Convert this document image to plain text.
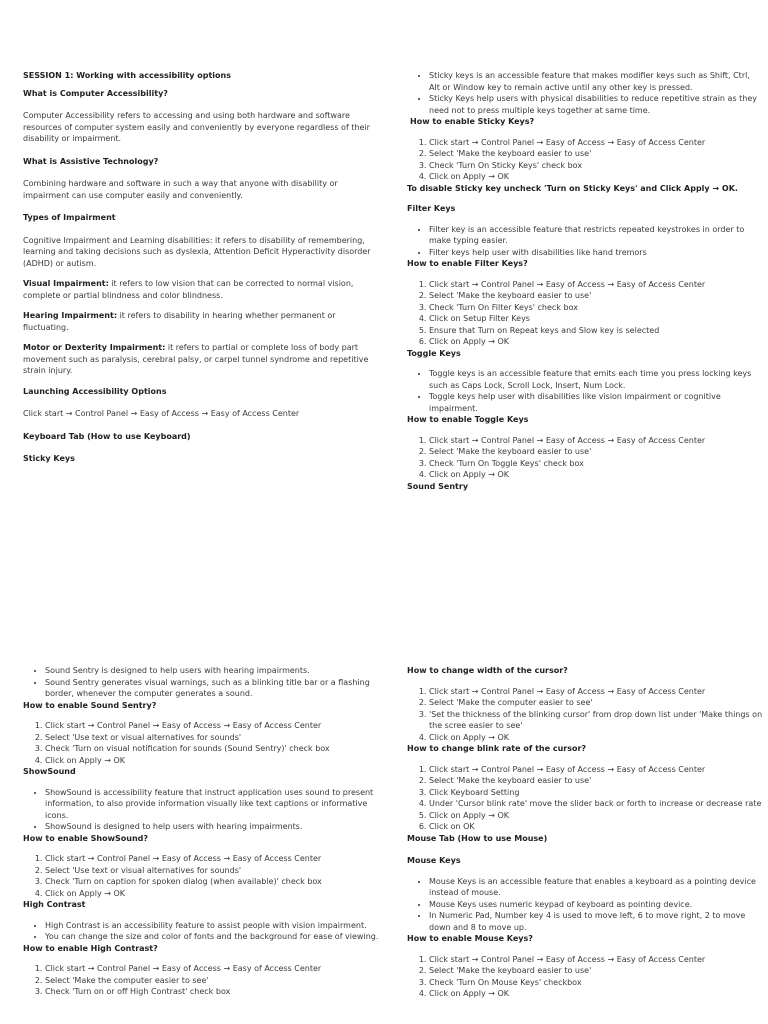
SESSION 1: Working with accessibility options

What is Computer Accessibility?

Computer Accessibility refers to accessing and using both hardware and software resources of computer system easily and conveniently by everyone regardless of their disability or impairment.

What is Assistive Technology?

Combining hardware and software in such a way that anyone with disability or impairment can use computer easily and conveniently.

Types of Impairment

Cognitive Impairment and Learning disabilities: it refers to disability of remembering, learning and taking decisions such as dyslexia, Attention Deficit Hyperactivity disorder (ADHD) or autism.

Visual Impairment: it refers to low vision that can be corrected to normal vision, complete or partial blindness and color blindness.

Hearing Impairment: it refers to disability in hearing whether permanent or fluctuating.

Motor or Dexterity Impairment: it refers to partial or complete loss of body part movement such as paralysis, cerebral palsy, or carpel tunnel syndrome and repetitive strain injury.

Launching Accessibility Options

Click start → Control Panel → Easy of Access → Easy of Access Center

Keyboard Tab (How to use Keyboard)

Sticky Keys

• Sticky keys is an accessible feature that makes modifier keys such as Shift, Ctrl, Alt or Window key to remain active until any other key is pressed.
• Sticky Keys help users with physical disabilities to reduce repetitive strain as they need not to press multiple keys together at same time.

How to enable Sticky Keys?

1. Click start → Control Panel → Easy of Access → Easy of Access Center
2. Select 'Make the keyboard easier to use'
3. Check 'Turn On Sticky Keys' check box
4. Click on Apply → OK

To disable Sticky key uncheck 'Turn on Sticky Keys' and Click Apply → OK.

Filter Keys

• Filter key is an accessible feature that restricts repeated keystrokes in order to make typing easier.
• Filter keys help user with disabilities like hand tremors

How to enable Filter Keys?

1. Click start → Control Panel → Easy of Access → Easy of Access Center
2. Select 'Make the keyboard easier to use'
3. Check 'Turn On Filter Keys' check box
4. Click on Setup Filter Keys
5. Ensure that Turn on Repeat keys and Slow key is selected
6. Click on Apply → OK

Toggle Keys

• Toggle keys is an accessible feature that emits each time you press locking keys such as Caps Lock, Scroll Lock, Insert, Num Lock.
• Toggle keys help user with disabilities like vision impairment or cognitive impairment.

How to enable Toggle Keys

1. Click start → Control Panel → Easy of Access → Easy of Access Center
2. Select 'Make the keyboard easier to use'
3. Check 'Turn On Toggle Keys' check box
4. Click on Apply → OK

Sound Sentry

• Sound Sentry is designed to help users with hearing impairments.
• Sound Sentry generates visual warnings, such as a blinking title bar or a flashing border, whenever the computer generates a sound.

How to enable Sound Sentry?

1. Click start → Control Panel → Easy of Access → Easy of Access Center
2. Select 'Use text or visual alternatives for sounds'
3. Check 'Turn on visual notification for sounds (Sound Sentry)' check box
4. Click on Apply → OK

ShowSound

• ShowSound is accessibility feature that instruct application uses sound to present information, to also provide information visually like text captions or informative icons.
• ShowSound is designed to help users with hearing impairments.

How to enable ShowSound?

1. Click start → Control Panel → Easy of Access → Easy of Access Center
2. Select 'Use text or visual alternatives for sounds'
3. Check 'Turn on caption for spoken dialog (when available)' check box
4. Click on Apply → OK

High Contrast

• High Contrast is an accessibility feature to assist people with vision impairment.
• You can change the size and color of fonts and the background for ease of viewing.

How to enable High Contrast?

1. Click start → Control Panel → Easy of Access → Easy of Access Center
2. Select 'Make the computer easier to see'
3. Check 'Turn on or off High Contrast' check box

How to change width of the cursor?

1. Click start → Control Panel → Easy of Access → Easy of Access Center
2. Select 'Make the computer easier to see'
3. 'Set the thickness of the blinking cursor' from drop down list under 'Make things on the scree easier to see'
4. Click on Apply → OK

How to change blink rate of the cursor?

1. Click start → Control Panel → Easy of Access → Easy of Access Center
2. Select 'Make the keyboard easier to use'
3. Click Keyboard Setting
4. Under 'Cursor blink rate' move the slider back or forth to increase or decrease rate
5. Click on Apply → OK
6. Click on OK

Mouse Tab (How to use Mouse)

Mouse Keys

• Mouse Keys is an accessible feature that enables a keyboard as a pointing device instead of mouse.
• Mouse Keys uses numeric keypad of keyboard as pointing device.
• In Numeric Pad, Number key 4 is used to move left, 6 to move right, 2 to move down and 8 to move up.

How to enable Mouse Keys?

1. Click start → Control Panel → Easy of Access → Easy of Access Center
2. Select 'Make the keyboard easier to use'
3. Check 'Turn On Mouse Keys' checkbox
4. Click on Apply → OK
